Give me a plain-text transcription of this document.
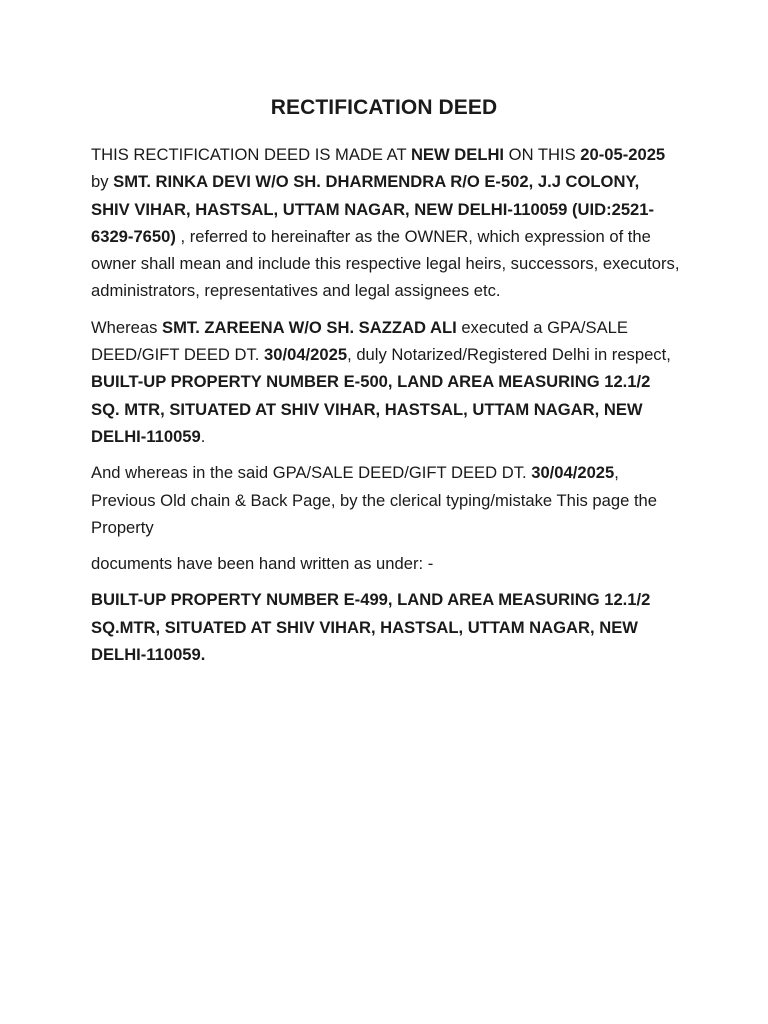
RECTIFICATION DEED

THIS RECTIFICATION DEED IS MADE AT NEW DELHI ON THIS 20-05-2025 by SMT. RINKA DEVI W/O SH. DHARMENDRA R/O E-502, J.J COLONY, SHIV VIHAR, HASTSAL, UTTAM NAGAR, NEW DELHI-110059 (UID:2521-6329-7650) , referred to hereinafter as the OWNER, which expression of the owner shall mean and include this respective legal heirs, successors, executors, administrators, representatives and legal assignees etc.

Whereas SMT. ZAREENA W/O SH. SAZZAD ALI executed a GPA/SALE DEED/GIFT DEED DT. 30/04/2025, duly Notarized/Registered Delhi in respect, BUILT-UP PROPERTY NUMBER E-500, LAND AREA MEASURING 12.1/2 SQ. MTR, SITUATED AT SHIV VIHAR, HASTSAL, UTTAM NAGAR, NEW DELHI-110059.

And whereas in the said GPA/SALE DEED/GIFT DEED DT. 30/04/2025, Previous Old chain & Back Page, by the clerical typing/mistake This page the Property

documents have been hand written as under: -

BUILT-UP PROPERTY NUMBER E-499, LAND AREA MEASURING 12.1/2 SQ.MTR, SITUATED AT SHIV VIHAR, HASTSAL, UTTAM NAGAR, NEW DELHI-110059.
